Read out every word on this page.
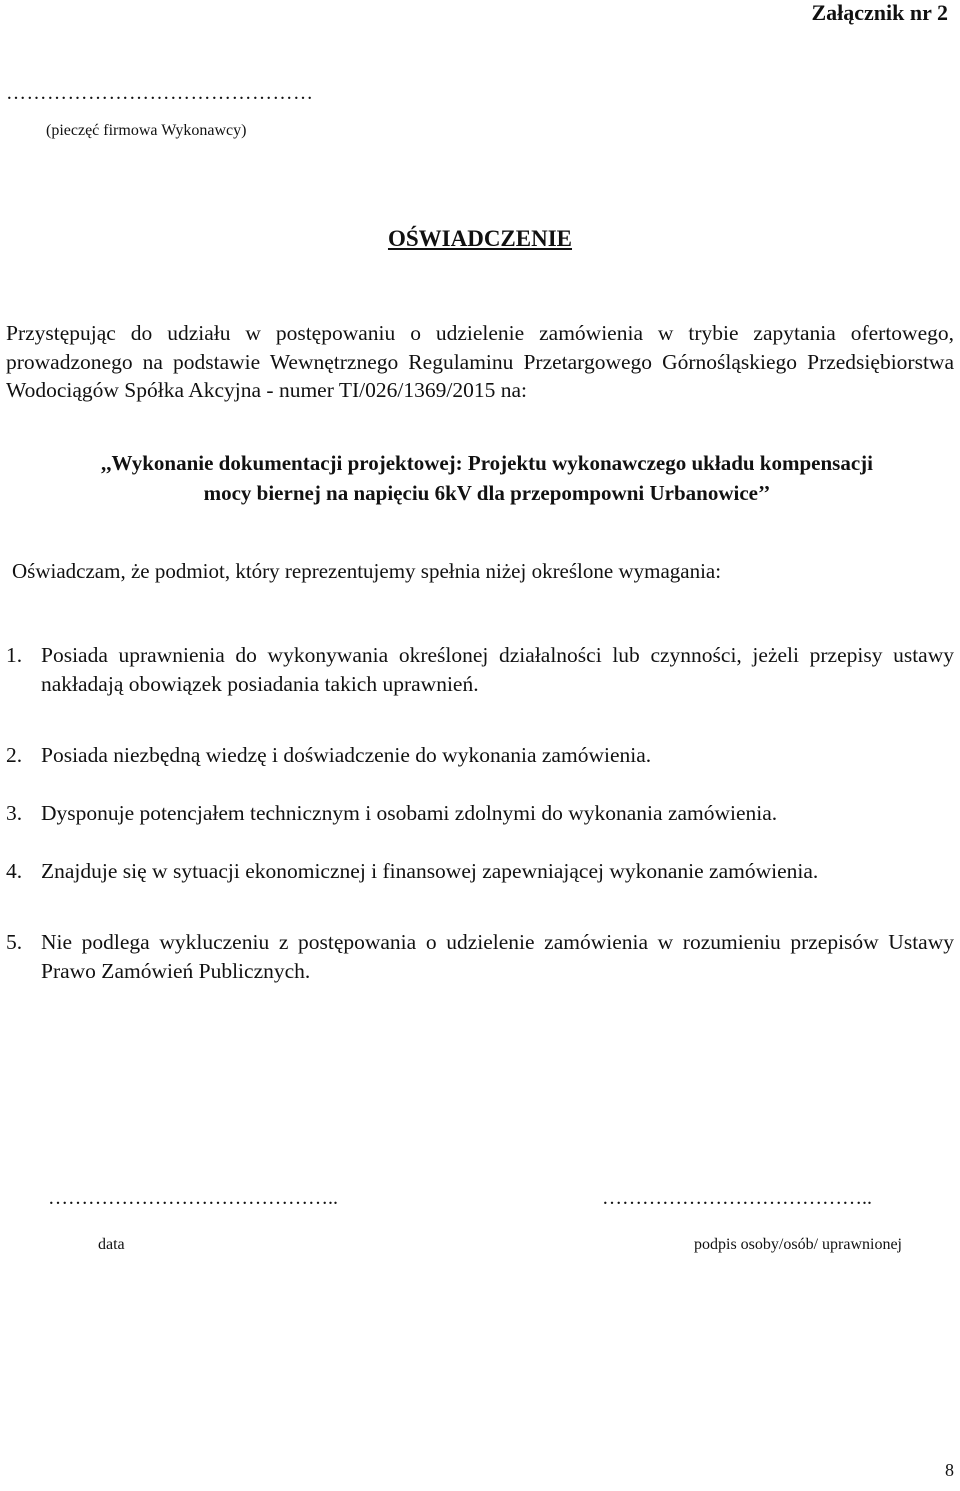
Załącznik nr 2
………………………………………
(pieczęć firmowa Wykonawcy)
OŚWIADCZENIE
Przystępując do udziału w postępowaniu o udzielenie zamówienia w trybie zapytania ofertowego, prowadzonego na podstawie Wewnętrznego Regulaminu Przetargowego Górnośląskiego Przedsiębiorstwa Wodociągów Spółka Akcyjna - numer TI/026/1369/2015 na:
,,Wykonanie dokumentacji projektowej: Projektu wykonawczego układu kompensacji
mocy biernej na napięciu 6kV dla przepompowni Urbanowice’’
Oświadczam, że podmiot, który reprezentujemy spełnia niżej określone wymagania:
1. Posiada uprawnienia do wykonywania określonej działalności lub czynności, jeżeli przepisy ustawy nakładają obowiązek posiadania takich uprawnień.
2. Posiada niezbędną wiedzę i doświadczenie do wykonania zamówienia.
3. Dysponuje potencjałem technicznym i osobami zdolnymi do wykonania zamówienia.
4. Znajduje się w sytuacji ekonomicznej i finansowej zapewniającej wykonanie zamówienia.
5. Nie podlega wykluczeniu z postępowania o udzielenie zamówienia w rozumieniu przepisów Ustawy Prawo Zamówień Publicznych.
……………………………………..
data
…………………………………..
podpis osoby/osób/ uprawnionej
8
